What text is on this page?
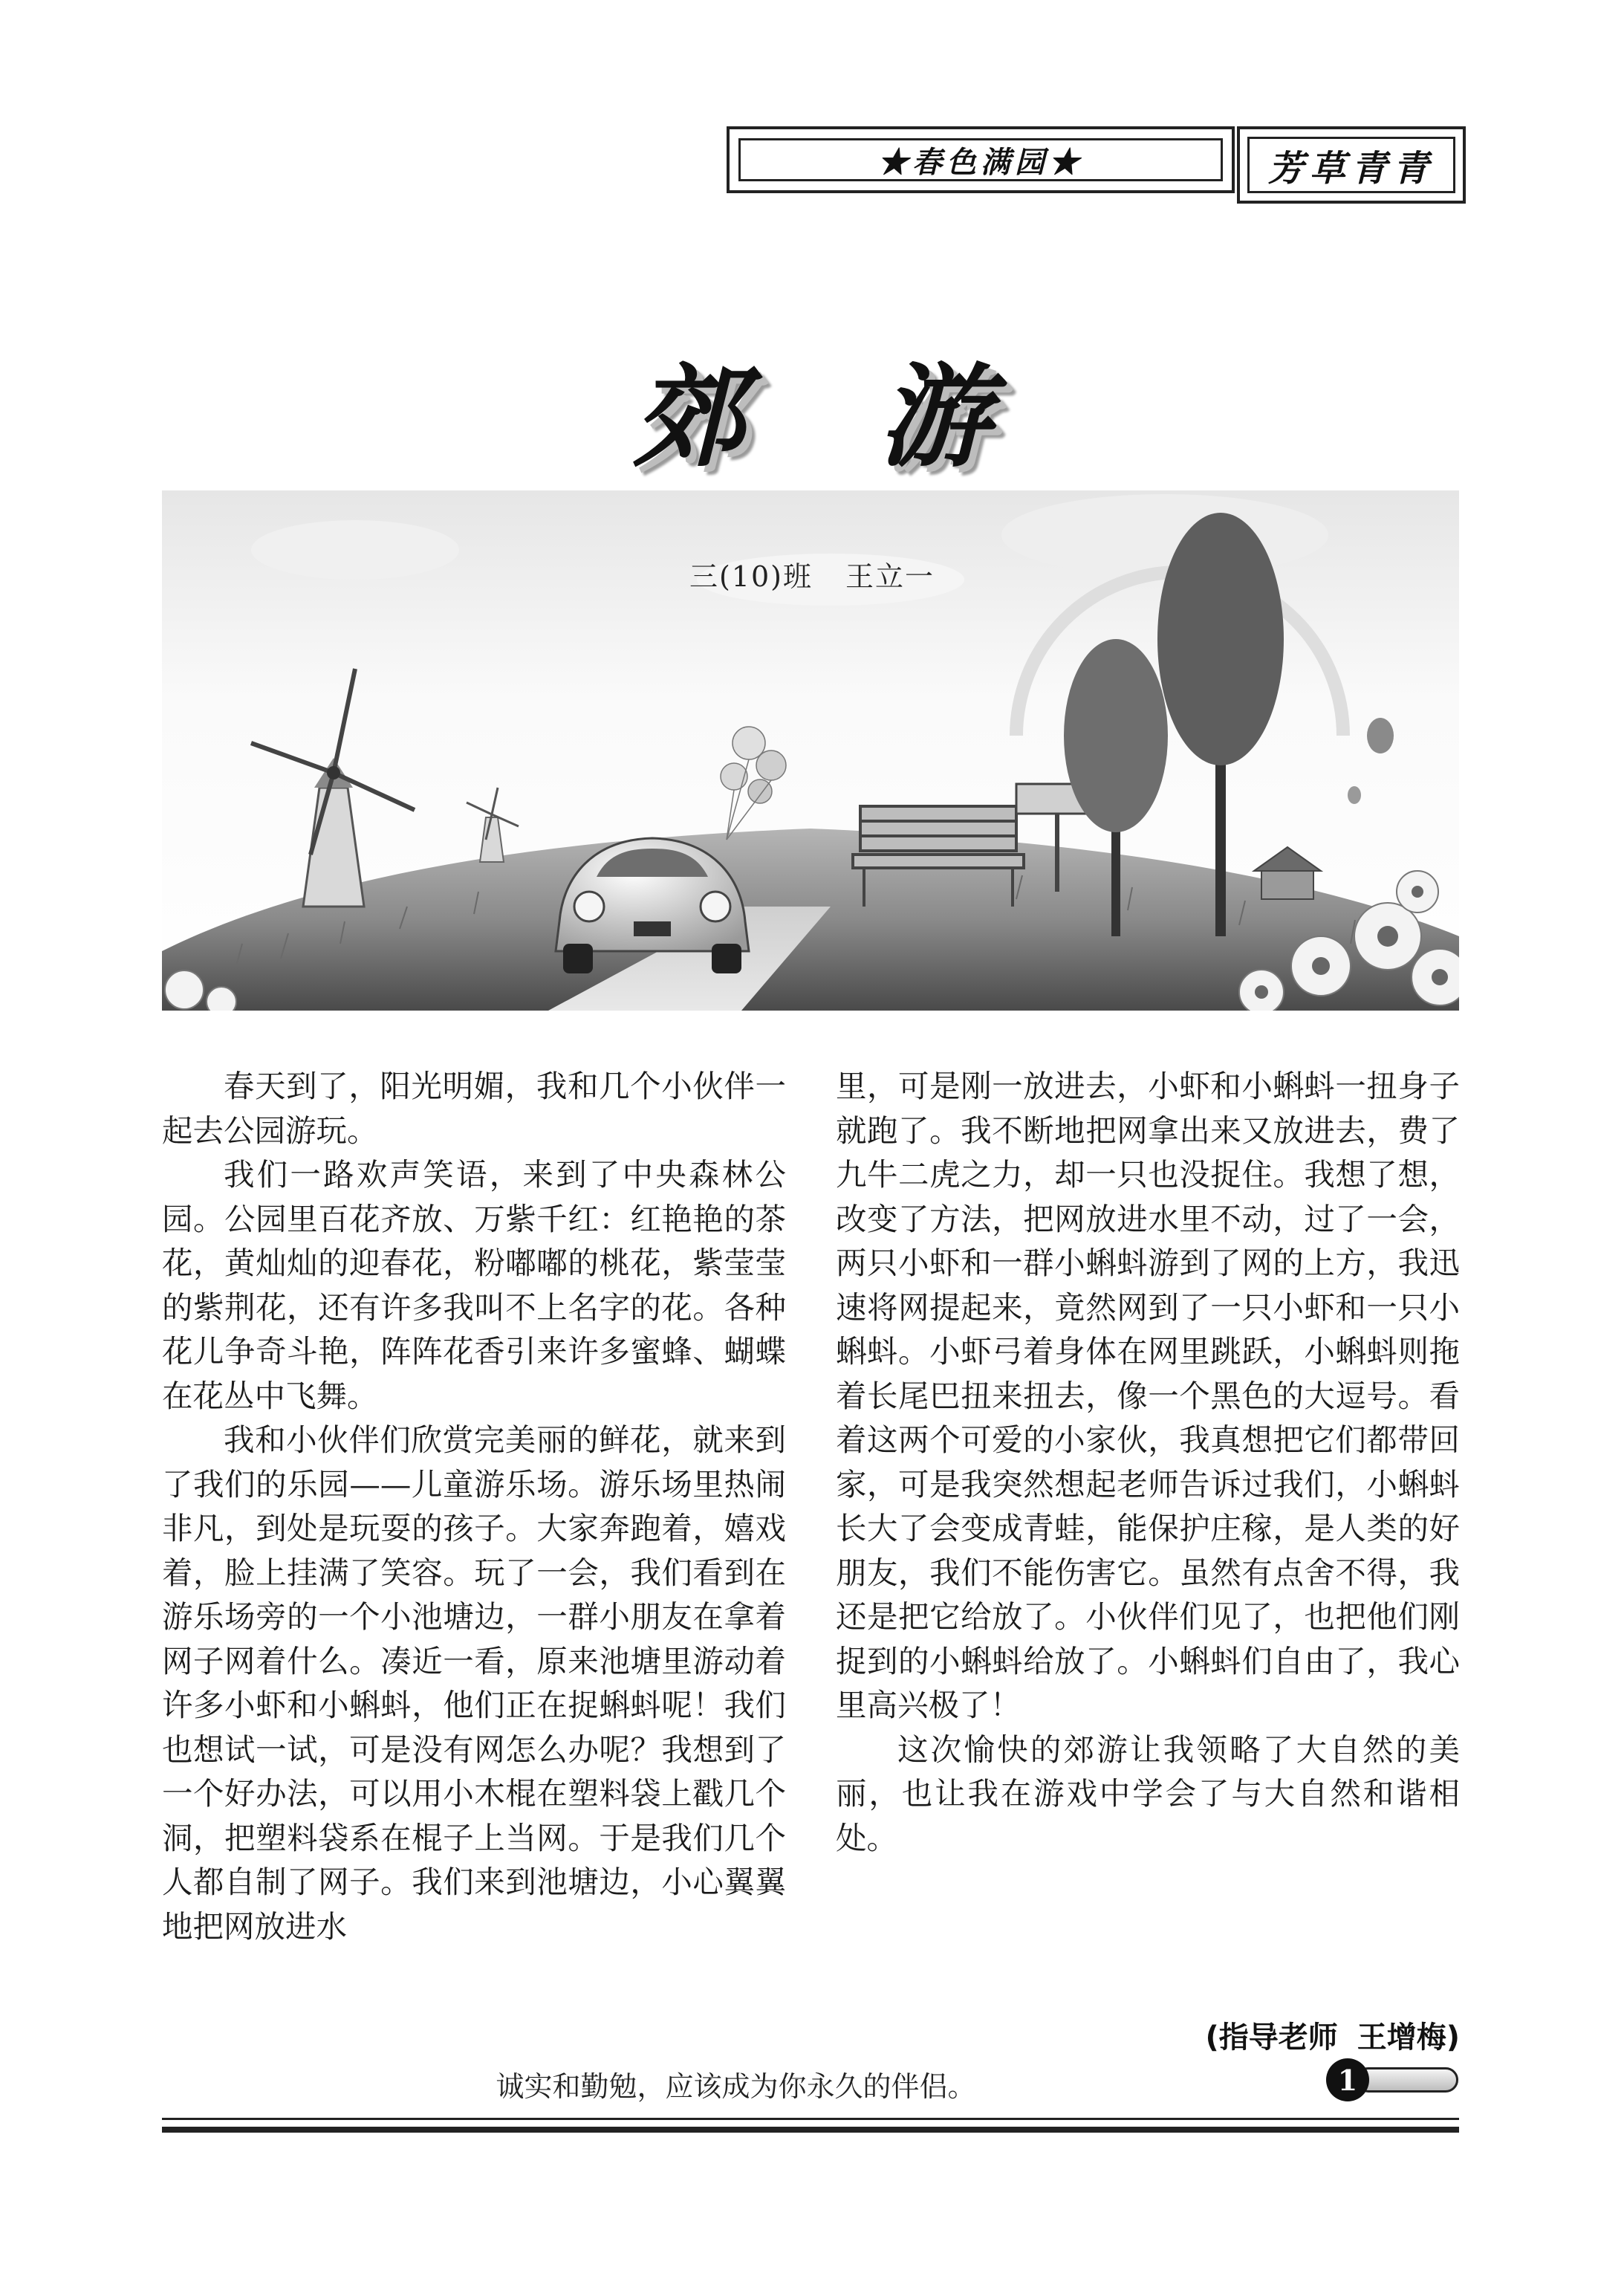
★春色满园★	芳草青青
郊游
三(10)班 王立一

春天到了，阳光明媚，我和几个小伙伴一起去公园游玩。

我们一路欢声笑语，来到了中央森林公园。公园里百花齐放、万紫千红：红艳艳的茶花，黄灿灿的迎春花，粉嘟嘟的桃花，紫莹莹的紫荆花，还有许多我叫不上名字的花。各种花儿争奇斗艳，阵阵花香引来许多蜜蜂、蝴蝶在花丛中飞舞。

我和小伙伴们欣赏完美丽的鲜花，就来到了我们的乐园——儿童游乐场。游乐场里热闹非凡，到处是玩耍的孩子。大家奔跑着，嬉戏着，脸上挂满了笑容。玩了一会，我们看到在游乐场旁的一个小池塘边，一群小朋友在拿着网子网着什么。凑近一看，原来池塘里游动着许多小虾和小蝌蚪，他们正在捉蝌蚪呢！我们也想试一试，可是没有网怎么办呢？我想到了一个好办法，可以用小木棍在塑料袋上戳几个洞，把塑料袋系在棍子上当网。于是我们几个人都自制了网子。我们来到池塘边，小心翼翼地把网放进水

里，可是刚一放进去，小虾和小蝌蚪一扭身子就跑了。我不断地把网拿出来又放进去，费了九牛二虎之力，却一只也没捉住。我想了想，改变了方法，把网放进水里不动，过了一会，两只小虾和一群小蝌蚪游到了网的上方，我迅速将网提起来，竟然网到了一只小虾和一只小蝌蚪。小虾弓着身体在网里跳跃，小蝌蚪则拖着长尾巴扭来扭去，像一个黑色的大逗号。看着这两个可爱的小家伙，我真想把它们都带回家，可是我突然想起老师告诉过我们，小蝌蚪长大了会变成青蛙，能保护庄稼，是人类的好朋友，我们不能伤害它。虽然有点舍不得，我还是把它给放了。小伙伴们见了，也把他们刚捉到的小蝌蚪给放了。小蝌蚪们自由了，我心里高兴极了！

这次愉快的郊游让我领略了大自然的美丽，也让我在游戏中学会了与大自然和谐相处。

(指导老师 王增梅)
诚实和勤勉，应该成为你永久的伴侣。	1
